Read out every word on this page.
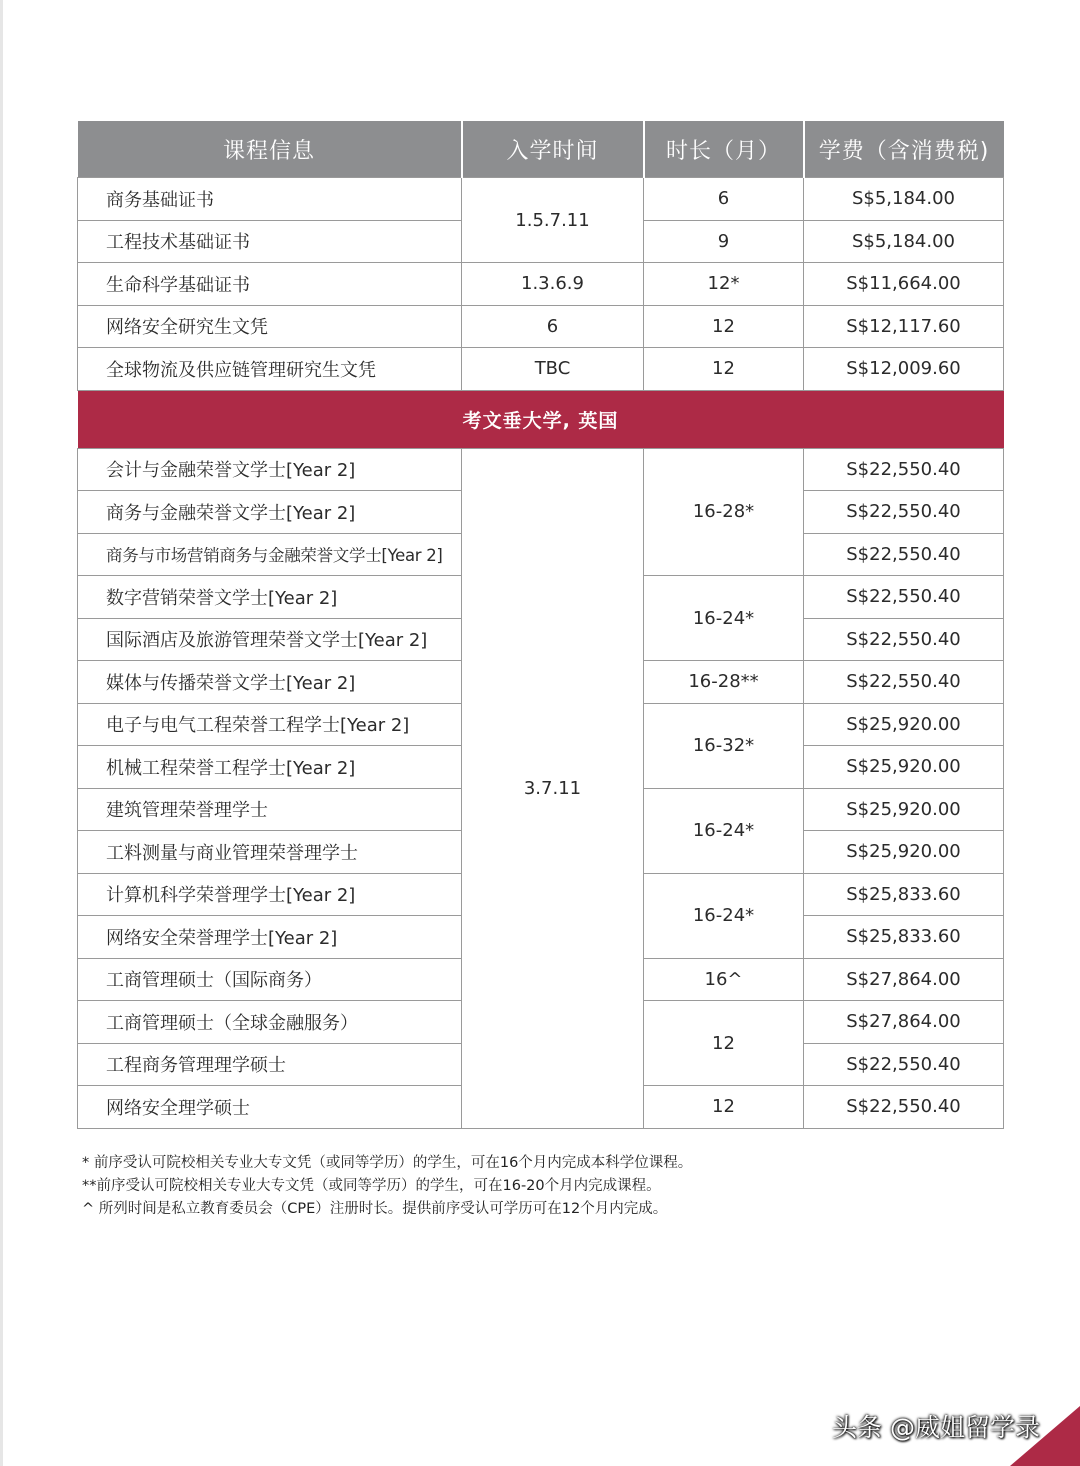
课程信息	入学时间	时长（月）	学费（含消费税)
商务基础证书	1.5.7.11	6	S$5,184.00
工程技术基础证书		9	S$5,184.00
生命科学基础证书	1.3.6.9	12*	S$11,664.00
网络安全研究生文凭	6	12	S$12,117.60
全球物流及供应链管理研究生文凭	TBC	12	S$12,009.60
考文垂大学, 英国			
会计与金融荣誉文学士[Year 2]	3.7.11	16-28*	S$22,550.40
商务与金融荣誉文学士[Year 2]			S$22,550.40
商务与市场营销商务与金融荣誉文学士[Year 2]			S$22,550.40
数字营销荣誉文学士[Year 2]		16-24*	S$22,550.40
国际酒店及旅游管理荣誉文学士[Year 2]			S$22,550.40
媒体与传播荣誉文学士[Year 2]		16-28**	S$22,550.40
电子与电气工程荣誉工程学士[Year 2]		16-32*	S$25,920.00
机械工程荣誉工程学士[Year 2]			S$25,920.00
建筑管理荣誉理学士		16-24*	S$25,920.00
工料测量与商业管理荣誉理学士			S$25,920.00
计算机科学荣誉理学士[Year 2]		16-24*	S$25,833.60
网络安全荣誉理学士[Year 2]			S$25,833.60
工商管理硕士（国际商务）		16^	S$27,864.00
工商管理硕士（全球金融服务）		12	S$27,864.00
工程商务管理理学硕士			S$22,550.40
网络安全理学硕士		12	S$22,550.40
* 前序受认可院校相关专业大专文凭（或同等学历）的学生，可在16个月内完成本科学位课程。
**前序受认可院校相关专业大专文凭（或同等学历）的学生，可在16-20个月内完成课程。
^ 所列时间是私立教育委员会（CPE）注册时长。提供前序受认可学历可在12个月内完成。
头条 @威姐留学录
